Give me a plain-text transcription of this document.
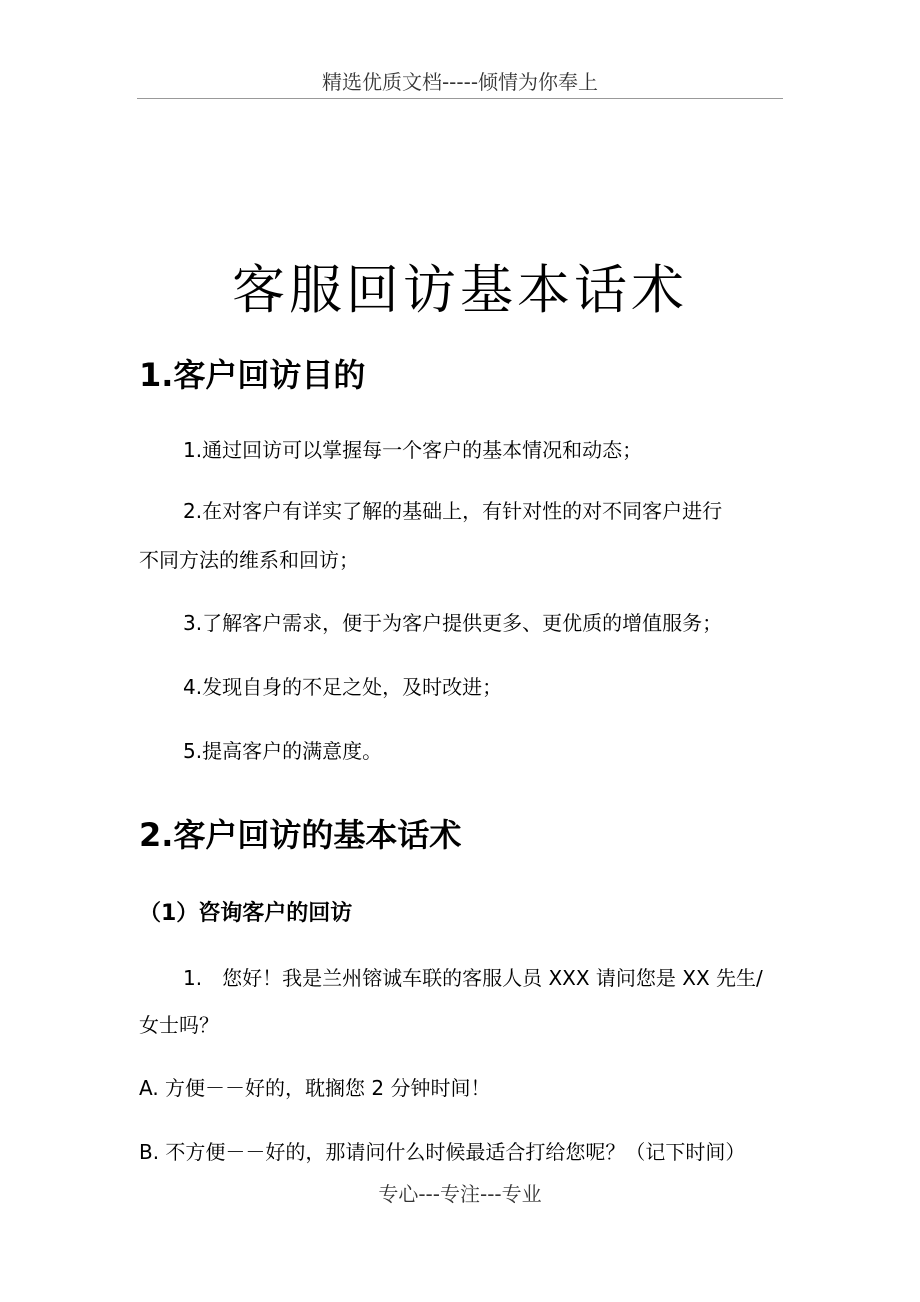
精选优质文档-----倾情为你奉上
客服回访基本话术
1.客户回访目的
1.通过回访可以掌握每一个客户的基本情况和动态；
2.在对客户有详实了解的基础上，有针对性的对不同客户进行
不同方法的维系和回访；
3.了解客户需求，便于为客户提供更多、更优质的增值服务；
4.发现自身的不足之处，及时改进；
5.提高客户的满意度。
2.客户回访的基本话术
（1）咨询客户的回访
1.　您好！我是兰州镕诚车联的客服人员 XXX 请问您是 XX 先生/
女士吗？
A. 方便－－好的，耽搁您 2 分钟时间！
B. 不方便－－好的，那请问什么时候最适合打给您呢？（记下时间）
专心---专注---专业
